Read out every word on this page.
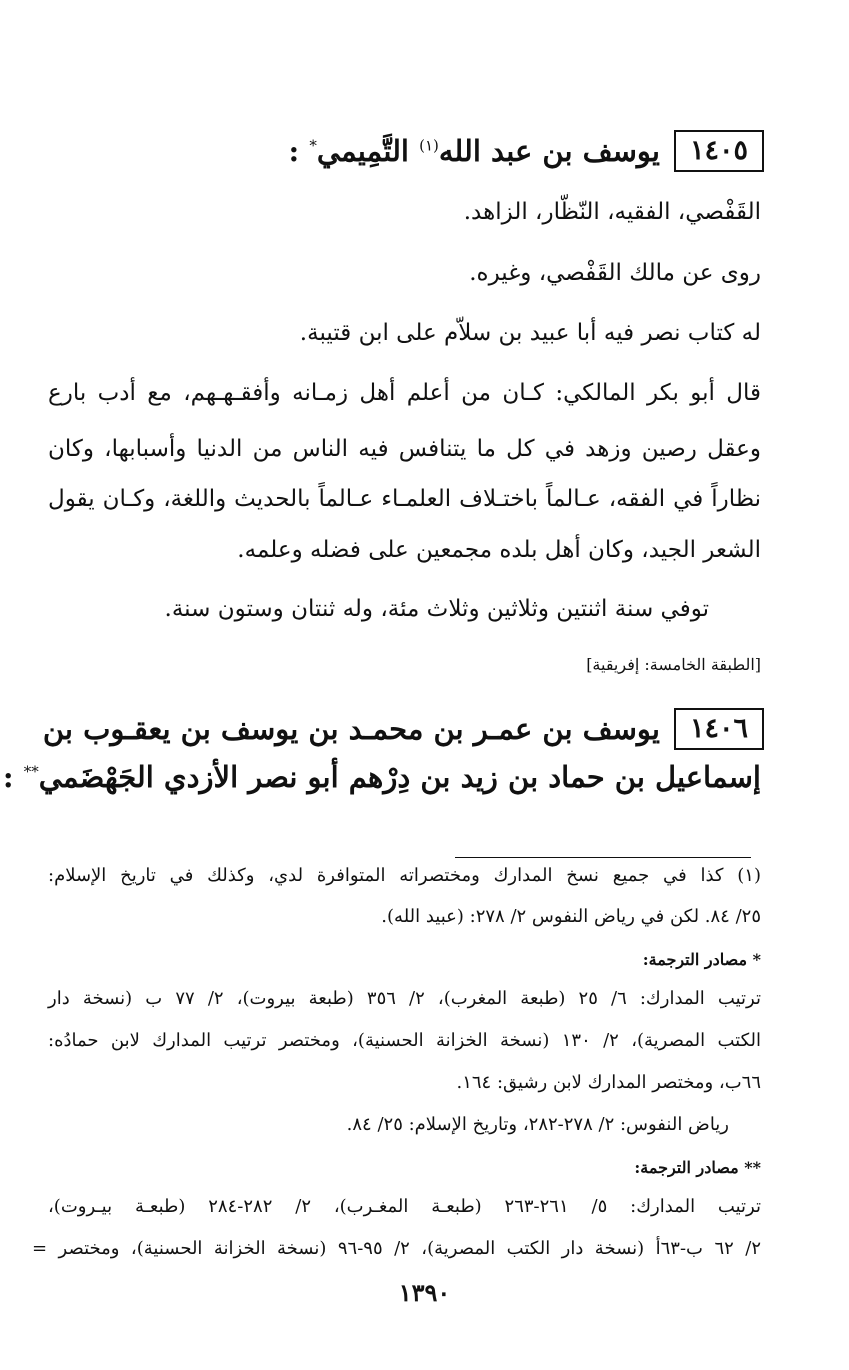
١٤٠٥
يوسف بن عبد الله$^{(١)}$ التَّمِيمي* :
القَفْصي، الفقيه، النّظّار، الزاهد.
روى عن مالك القَفْصي، وغيره.
له كتاب نصر فيه أبا عبيد بن سلاّم على ابن قتيبة.
قال أبو بكر المالكي: كـان من أعلم أهل زمـانه وأفقـهـهم، مع أدب بارع
وعقل رصين وزهد في كل ما يتنافس فيه الناس من الدنيا وأسبابها، وكان
نظاراً في الفقه، عـالماً باختـلاف العلمـاء عـالماً بالحديث واللغة، وكـان يقول
الشعر الجيد، وكان أهل بلده مجمعين على فضله وعلمه.
توفي سنة اثنتين وثلاثين وثلاث مئة، وله ثنتان وستون سنة.
[الطبقة الخامسة: إفريقية]
١٤٠٦
يوسف بن عمـر بن محمـد بن يوسف بن يعقـوب بن
إسماعيل بن حماد بن زيد بن دِرْهم أبو نصر الأزدي الجَهْضَمي** :
(١) كذا في جميع نسخ المدارك ومختصراته المتوافرة لدي، وكذلك في تاريخ الإسلام:
٢٥/ ٨٤. لكن في رياض النفوس ٢/ ٢٧٨: (عبيد الله).
* مصادر الترجمة:
ترتيب المدارك: ٦/ ٢٥ (طبعة المغرب)، ٢/ ٣٥٦ (طبعة بيروت)، ٢/ ٧٧ ب (نسخة دار
الكتب المصرية)، ٢/ ١٣٠ (نسخة الخزانة الحسنية)، ومختصر ترتيب المدارك لابن حمادُه:
٦٦ب، ومختصر المدارك لابن رشيق: ١٦٤.
رياض النفوس: ٢/ ٢٧٨-٢٨٢، وتاريخ الإسلام: ٢٥/ ٨٤.
** مصادر الترجمة:
ترتيب المدارك: ٥/ ٢٦١-٢٦٣ (طبعـة المغـرب)، ٢/ ٢٨٢-٢٨٤ (طبعـة بيـروت)،
٢/ ٦٢ ب-٦٣أ (نسخة دار الكتب المصرية)، ٢/ ٩٥-٩٦ (نسخة الخزانة الحسنية)، ومختصر =
١٣٩٠
